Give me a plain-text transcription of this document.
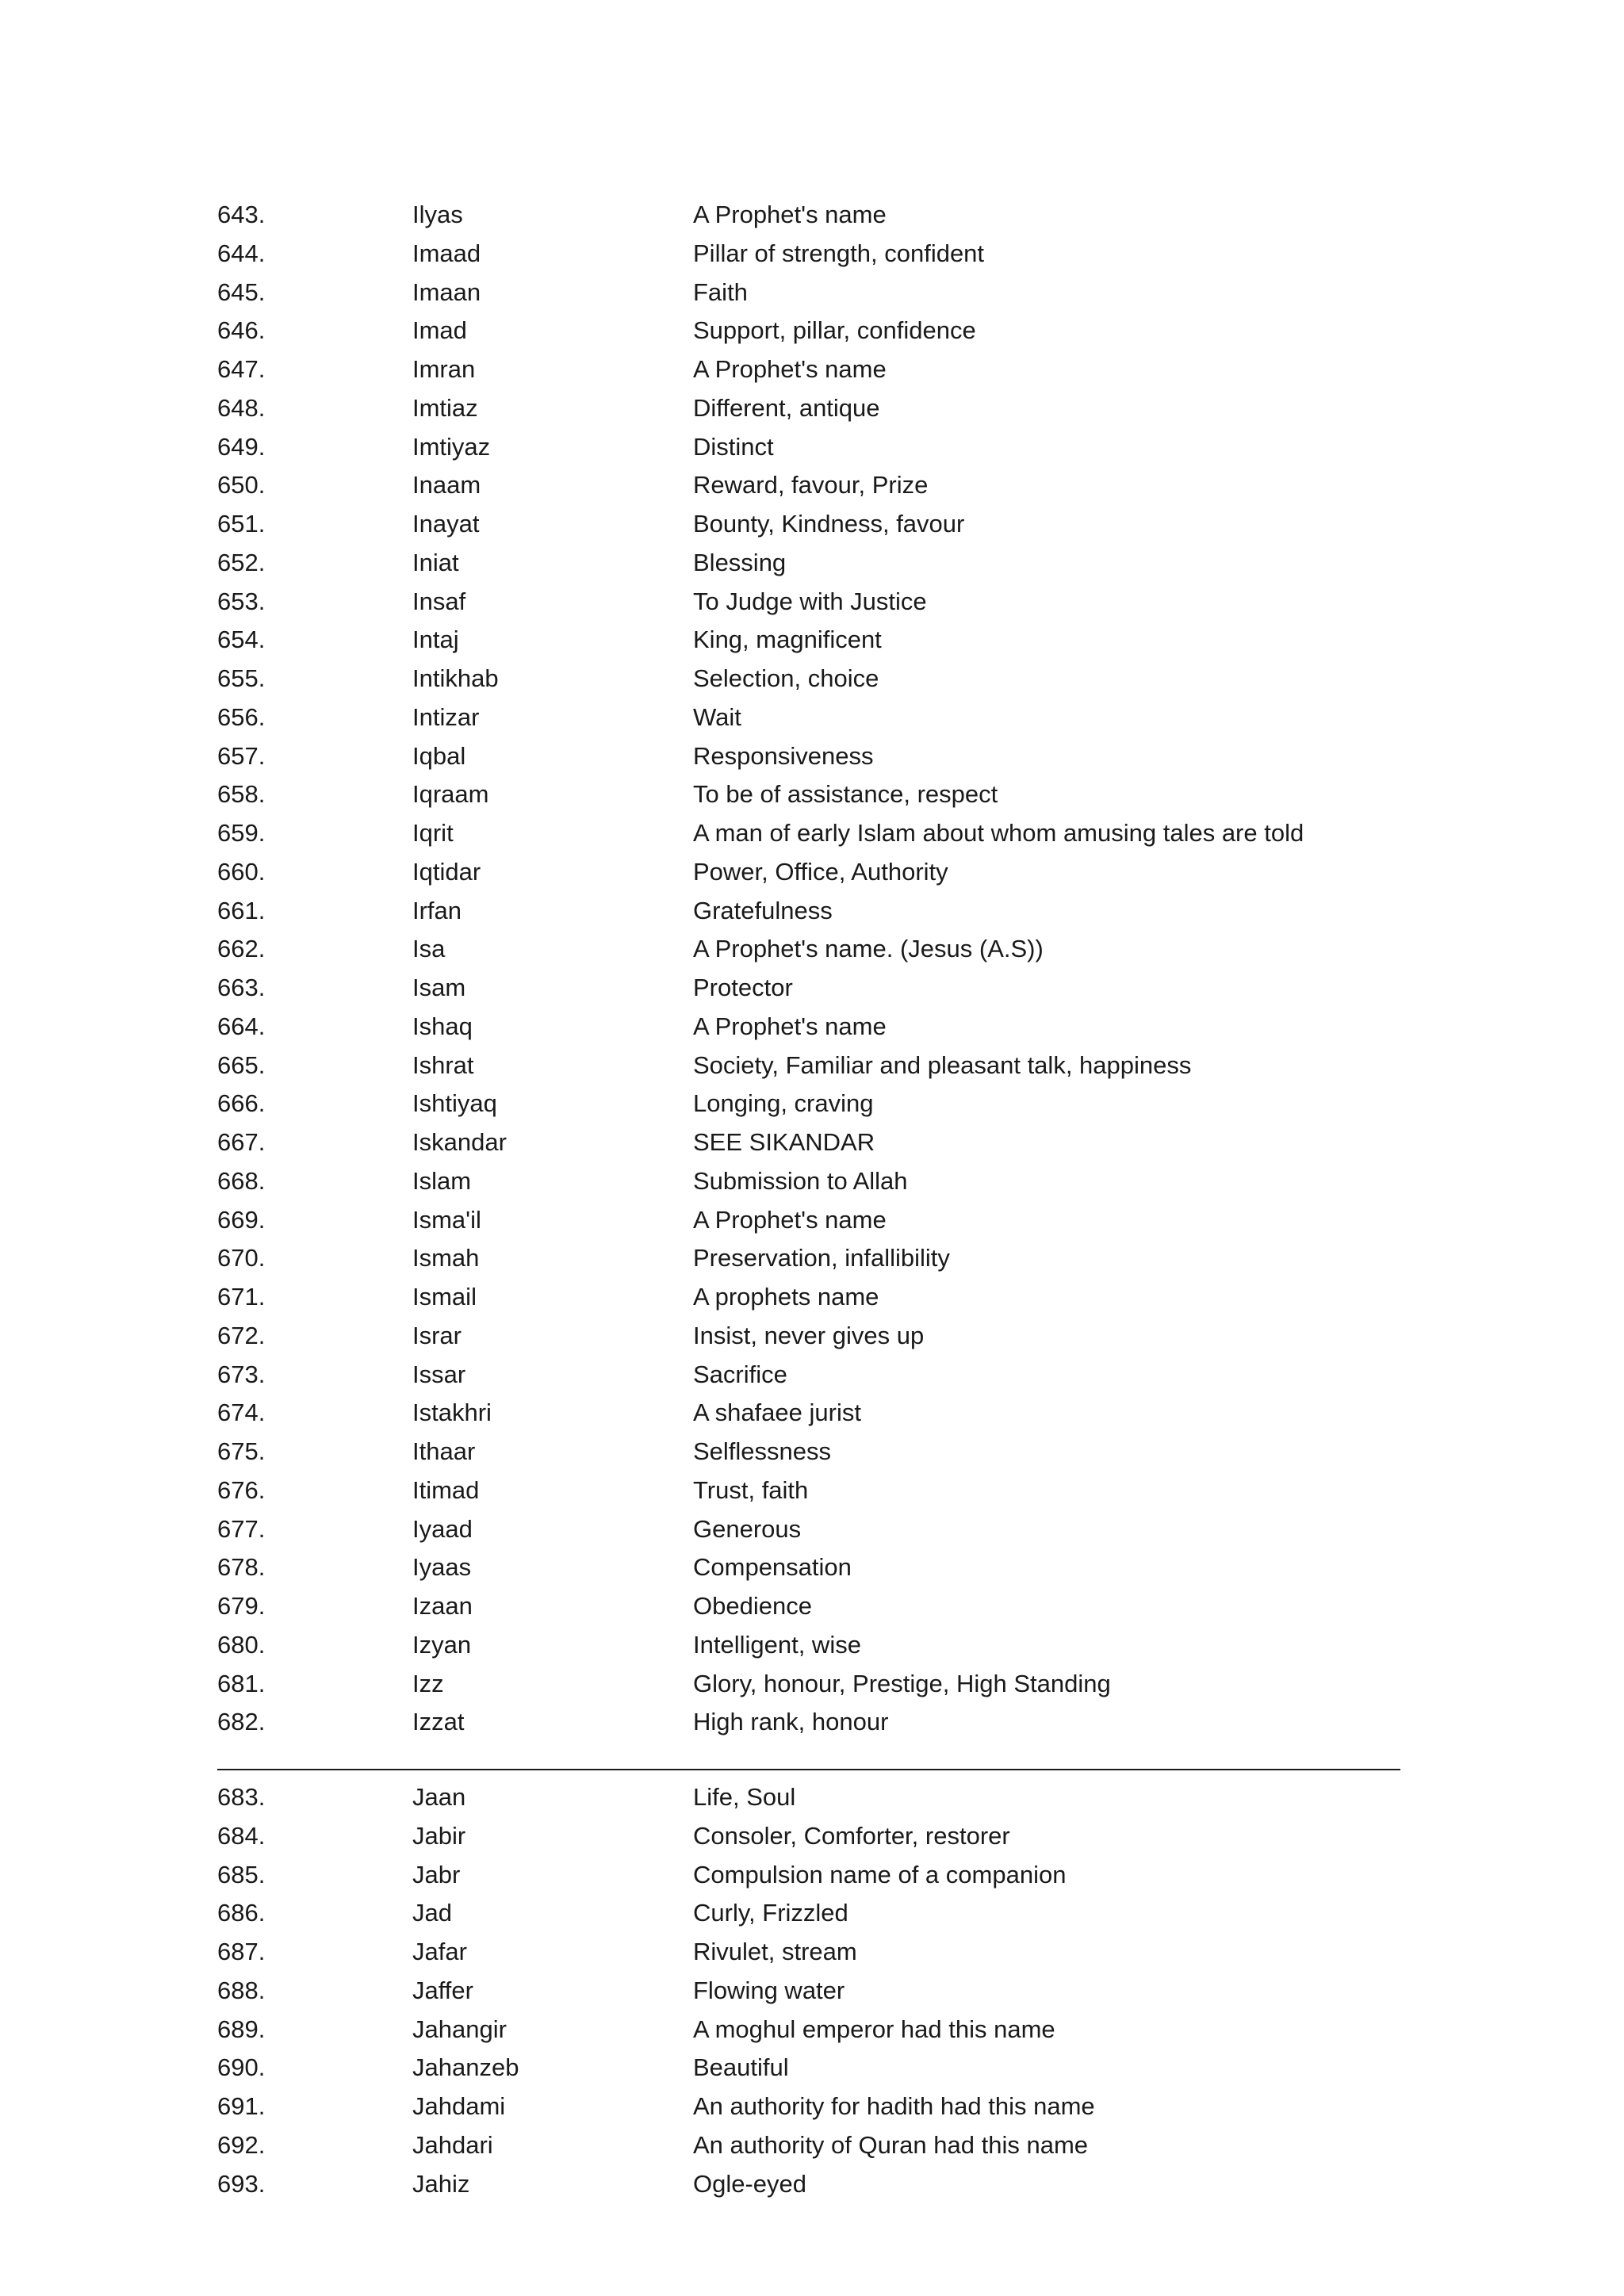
643.	Ilyas	A Prophet's name
644.	Imaad	Pillar of strength, confident
645.	Imaan	Faith
646.	Imad	Support, pillar, confidence
647.	Imran	A Prophet's name
648.	Imtiaz	Different, antique
649.	Imtiyaz	Distinct
650.	Inaam	Reward, favour, Prize
651.	Inayat	Bounty, Kindness, favour
652.	Iniat	Blessing
653.	Insaf	To Judge with Justice
654.	Intaj	King, magnificent
655.	Intikhab	Selection, choice
656.	Intizar	Wait
657.	Iqbal	Responsiveness
658.	Iqraam	To be of assistance, respect
659.	Iqrit	A man of early Islam about whom amusing tales are told
660.	Iqtidar	Power, Office, Authority
661.	Irfan	Gratefulness
662.	Isa	A Prophet's name. (Jesus (A.S))
663.	Isam	Protector
664.	Ishaq	A Prophet's name
665.	Ishrat	Society, Familiar and pleasant talk, happiness
666.	Ishtiyaq	Longing, craving
667.	Iskandar	SEE SIKANDAR
668.	Islam	Submission to Allah
669.	Isma'il	A Prophet's name
670.	Ismah	Preservation, infallibility
671.	Ismail	A prophets name
672.	Israr	Insist, never gives up
673.	Issar	Sacrifice
674.	Istakhri	A shafaee jurist
675.	Ithaar	Selflessness
676.	Itimad	Trust, faith
677.	Iyaad	Generous
678.	Iyaas	Compensation
679.	Izaan	Obedience
680.	Izyan	Intelligent, wise
681.	Izz	Glory, honour, Prestige, High Standing
682.	Izzat	High rank, honour
683.	Jaan	Life, Soul
684.	Jabir	Consoler, Comforter, restorer
685.	Jabr	Compulsion name of a companion
686.	Jad	Curly, Frizzled
687.	Jafar	Rivulet, stream
688.	Jaffer	Flowing water
689.	Jahangir	A moghul emperor had this name
690.	Jahanzeb	Beautiful
691.	Jahdami	An authority for hadith had this name
692.	Jahdari	An authority of Quran had this name
693.	Jahiz	Ogle-eyed
